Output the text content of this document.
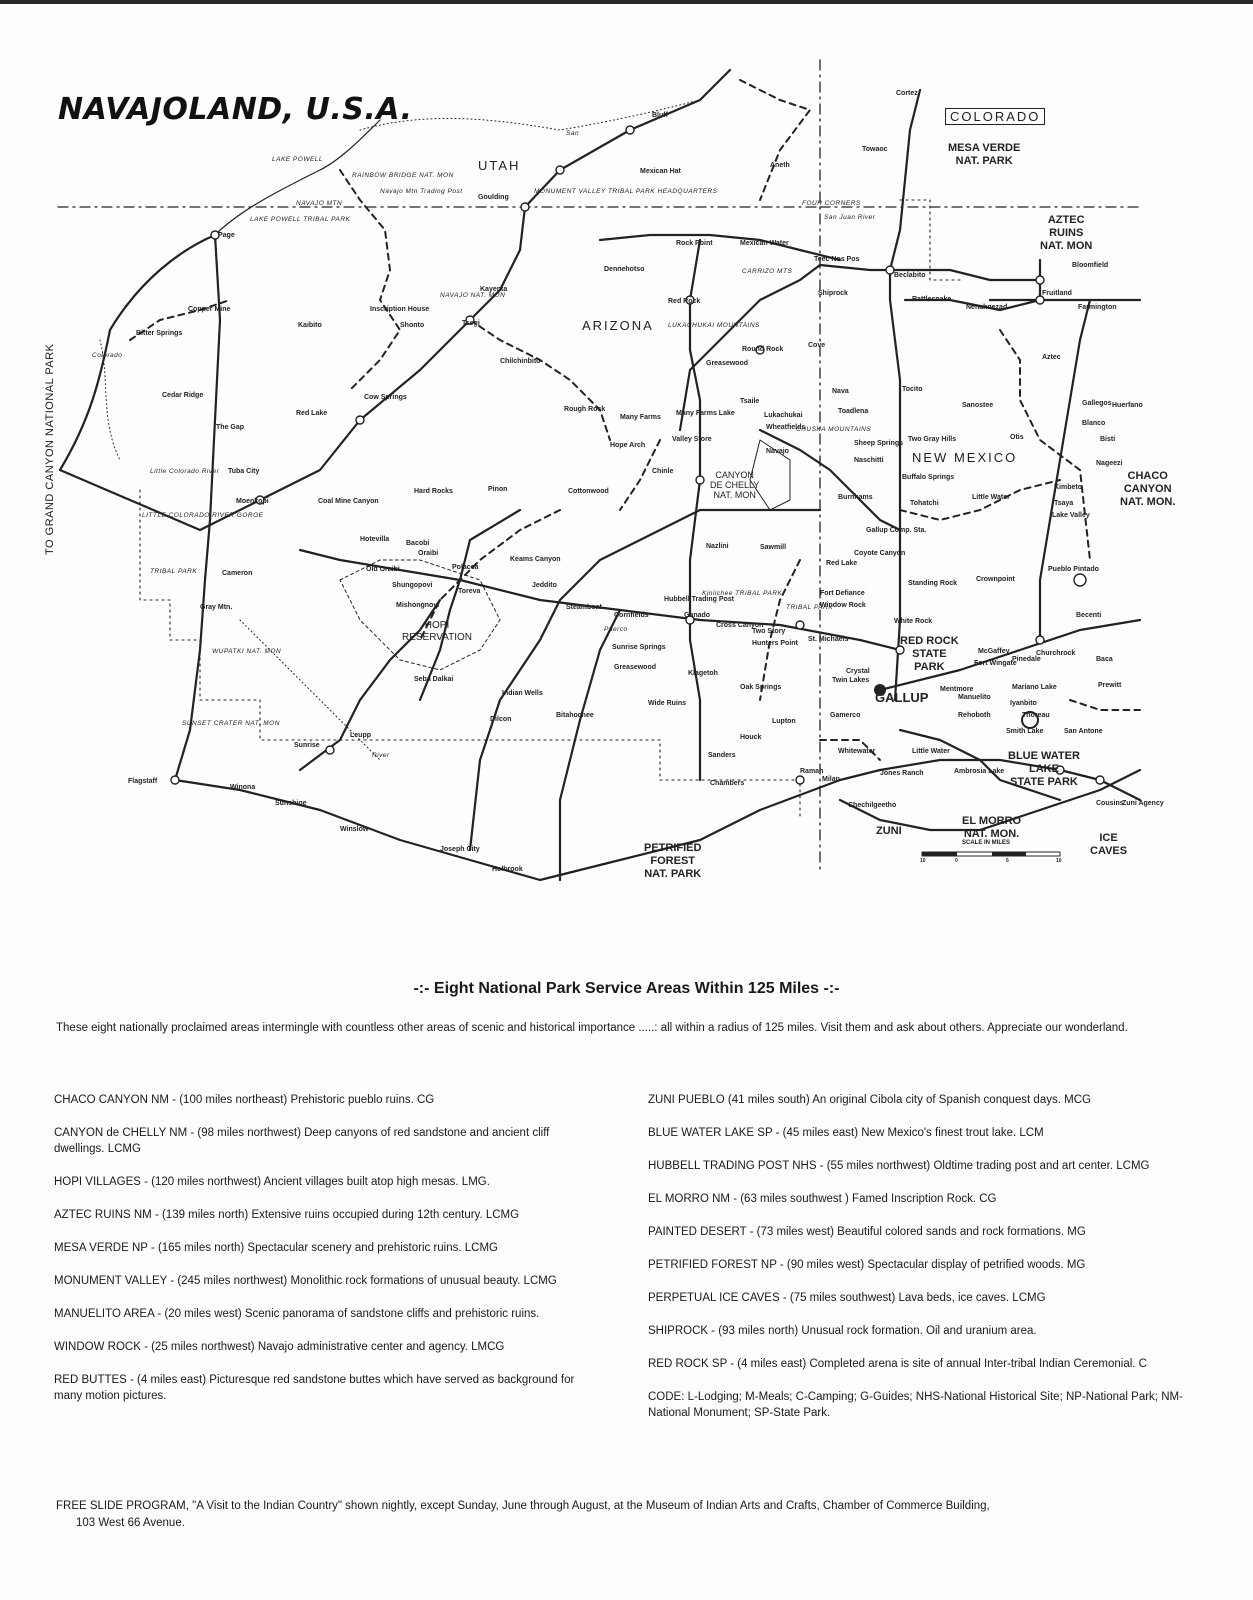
NAVAJOLAND, U.S.A.
TO GRAND CANYON NATIONAL PARK
UTAH
COLORADO
ARIZONA
NEW MEXICO
MESA VERDE
NAT. PARK
AZTEC
RUINS
NAT. MON
CHACO
CANYON
NAT. MON.
CANYON
DE CHELLY
NAT. MON
HOPI
RESERVATION	RED ROCK
STATE
PARK
BLUE WATER
LAKE
STATE PARK
EL MORRO
NAT. MON.	ICE
CAVES
PETRIFIED
FOREST
NAT. PARK
GALLUP
ZUNI
SCALE IN MILES
10	0	5	10
Cortez
Towaoc
Bluff
Aneth
Mexican Hat
Goulding
Page
Kaibito
Copper Mine
Bitter Springs
Cedar Ridge
The Gap
Tuba City
Moenkopi
Cameron
Gray Mtn.
Flagstaff
Winona
Sunshine
Winslow
Joseph City
Holbrook
Leupp
Sunrise
Dilcon
Indian Wells
Bitahochee
Seba Dalkai
Old Oraibi
Hotevilla
Bacobi
Oraibi
Shungopovi
Mishongnovi
Toreva
Polacca
Keams Canyon
Jeddito
Steamboat
Pinon
Hard Rocks
Coal Mine Canyon
Red Lake
Cow Springs
Shonto	Tsegi
Kayenta
Inscription House
Dennehotso
Chilchinbito
Rough Rock
Many Farms
Many Farms Lake
Valley Store
Hope Arch
Chinle
Cottonwood
Nazlini
Ganado
Hubbell Trading Post
Cornfields
Sunrise Springs
Greasewood
Klagetoh
Wide Ruins
Sanders
Chambers
Houck
Lupton
Oak Springs
Cross Canyon
Two Story
Hunters Point
St. Michaels
Window Rock
Fort Defiance
Sawmill
Red Lake
Navajo
Wheatfields
Tsaile
Lukachukai
Greasewood
Round Rock
Cove
Red Rock
Rock Point	Mexican Water
Teec Nos Pos
Beclabito
Shiprock
Rattlesnake
Nenahnezad
Fruitland
Farmington
Bloomfield
Aztec
Gallegos Huerfano
Blanco
Otis	Bisti
Nageezi
Kimbeto
Tsaya
Lake Valley
Pueblo Pintado
Becenti
Crownpoint
Standing Rock
Coyote Canyon
Gallup Comp. Sta.
Tohatchi
Buffalo Springs
Naschitti
Sheep Springs
Two Gray Hills
Toadlena
Nava	Tocito
Sanostee
Little Water
Burnhams
White Rock
Crystal
Twin Lakes
Gamerco
Mentmore
Manuelito
Rehoboth
Fort Wingate
McGaffey	Churchrock
Pinedale
Mariano Lake
Iyanbito
Smith Lake	San Antone
Thoreau
Baca
Prewitt
Little Water
Ambrosia Lake
Whitewater
Ramah	Jones Ranch
Chechilgeetho	Cousins
Zuni Agency
Milan
LAKE POWELL
RAINBOW BRIDGE NAT. MON
NAVAJO MTN
Navajo Mtn Trading Post
LAKE POWELL TRIBAL PARK
NAVAJO NAT. MON
MONUMENT VALLEY TRIBAL PARK HEADQUARTERS
FOUR CORNERS
CARRIZO MTS
LUKACHUKAI MOUNTAINS
CHUSKA MOUNTAINS
LITTLE COLORADO RIVER GORGE
TRIBAL PARK
WUPATKI NAT. MON
SUNSET CRATER NAT. MON
Kinlichee TRIBAL PARK
TRIBAL PARK
San Juan River
Colorado
Little Colorado River
River
San
Puerco
-:- Eight National Park Service Areas Within 125 Miles -:-
These eight nationally proclaimed areas intermingle with countless other areas of scenic and historical importance .....: all within a radius of 125 miles. Visit them and ask about others. Appreciate our wonderland.
CHACO CANYON NM - (100 miles northeast) Prehistoric pueblo ruins. CG
CANYON de CHELLY NM - (98 miles northwest) Deep canyons of red sandstone and ancient cliff dwellings. LCMG
HOPI VILLAGES - (120 miles northwest) Ancient villages built atop high mesas. LMG.
AZTEC RUINS NM - (139 miles north) Extensive ruins occupied during 12th century. LCMG
MESA VERDE NP - (165 miles north) Spectacular scenery and prehistoric ruins. LCMG
MONUMENT VALLEY - (245 miles northwest) Monolithic rock formations of unusual beauty. LCMG
MANUELITO AREA - (20 miles west) Scenic panorama of sandstone cliffs and prehistoric ruins.
WINDOW ROCK - (25 miles northwest) Navajo administrative center and agency. LMCG
RED BUTTES - (4 miles east) Picturesque red sandstone buttes which have served as background for many motion pictures.
ZUNI PUEBLO (41 miles south) An original Cibola city of Spanish conquest days. MCG
BLUE WATER LAKE SP - (45 miles east) New Mexico's finest trout lake. LCM
HUBBELL TRADING POST NHS - (55 miles northwest) Oldtime trading post and art center. LCMG
EL MORRO NM - (63 miles southwest ) Famed Inscription Rock. CG
PAINTED DESERT - (73 miles west) Beautiful colored sands and rock formations. MG
PETRIFIED FOREST NP - (90 miles west) Spectacular display of petrified woods. MG
PERPETUAL ICE CAVES - (75 miles southwest) Lava beds, ice caves. LCMG
SHIPROCK - (93 miles north) Unusual rock formation. Oil and uranium area.
RED ROCK SP - (4 miles east) Completed arena is site of annual Inter-tribal Indian Ceremonial. C
CODE: L-Lodging; M-Meals; C-Camping; G-Guides; NHS-National Historical Site; NP-National Park; NM-National Monument; SP-State Park.
FREE SLIDE PROGRAM, "A Visit to the Indian Country" shown nightly, except Sunday, June through August, at the Museum of Indian Arts and Crafts, Chamber of Commerce Building,
103 West 66 Avenue.
